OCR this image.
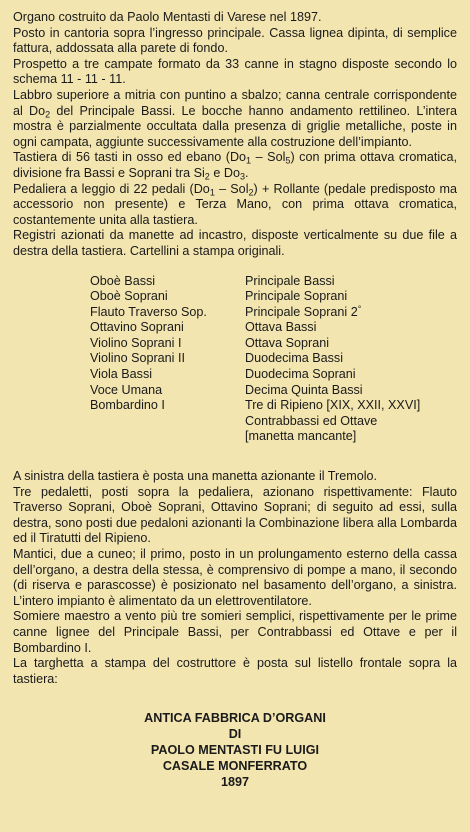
Organo costruito da Paolo Mentasti di Varese nel 1897.

Posto in cantoria sopra l’ingresso principale. Cassa lignea dipinta, di semplice fattura, addossata alla parete di fondo.

Prospetto a tre campate formato da 33 canne in stagno disposte secondo lo schema 11 - 11 - 11.

Labbro superiore a mitria con puntino a sbalzo; canna centrale corrispondente al $Do_2$ del Principale Bassi. Le bocche hanno andamento rettilineo. L’intera mostra è parzialmente occultata dalla presenza di griglie metalliche, poste in ogni campata, aggiunte successivamente alla costruzione dell’impianto.

Tastiera di 56 tasti in osso ed ebano $(Do_1 - Sol_5)$ con prima ottava cromatica, divisione fra Bassi e Soprani tra $Si_2$ e $Do_3$.

Pedaliera a leggio di 22 pedali $(Do_1 - Sol_2)$ + Rollante (pedale predisposto ma accessorio non presente) e Terza Mano, con prima ottava cromatica, costantemente unita alla tastiera.

Registri azionati da manette ad incastro, disposte verticalmente su due file a destra della tastiera. Cartellini a stampa originali.

Oboè Bassi
Oboè Soprani
Flauto Traverso Sop.
Ottavino Soprani
Violino Soprani I
Violino Soprani II
Viola Bassi
Voce Umana
Bombardino I
Principale Bassi
Principale Soprani
Principale Soprani 2°
Ottava Bassi
Ottava Soprani
Duodecima Bassi
Duodecima Soprani
Decima Quinta Bassi
Tre di Ripieno [XIX, XXII, XXVI]
Contrabbassi ed Ottave
[manetta mancante]

A sinistra della tastiera è posta una manetta azionante il Tremolo.

Tre pedaletti, posti sopra la pedaliera, azionano rispettivamente: Flauto Traverso Soprani, Oboè Soprani, Ottavino Soprani; di seguito ad essi, sulla destra, sono posti due pedaloni azionanti la Combinazione libera alla Lombarda ed il Tiratutti del Ripieno.

Mantici, due a cuneo; il primo, posto in un prolungamento esterno della cassa dell’organo, a destra della stessa, è comprensivo di pompe a mano, il secondo (di riserva e parascosse) è posizionato nel basamento dell’organo, a sinistra. L’intero impianto è alimentato da un elettroventilatore.

Somiere maestro a vento più tre somieri semplici, rispettivamente per le prime canne lignee del Principale Bassi, per Contrabbassi ed Ottave e per il Bombardino I.

La targhetta a stampa del costruttore è posta sul listello frontale sopra la tastiera:

ANTICA FABBRICA D’ORGANI
DI
PAOLO MENTASTI FU LUIGI
CASALE MONFERRATO
1897
